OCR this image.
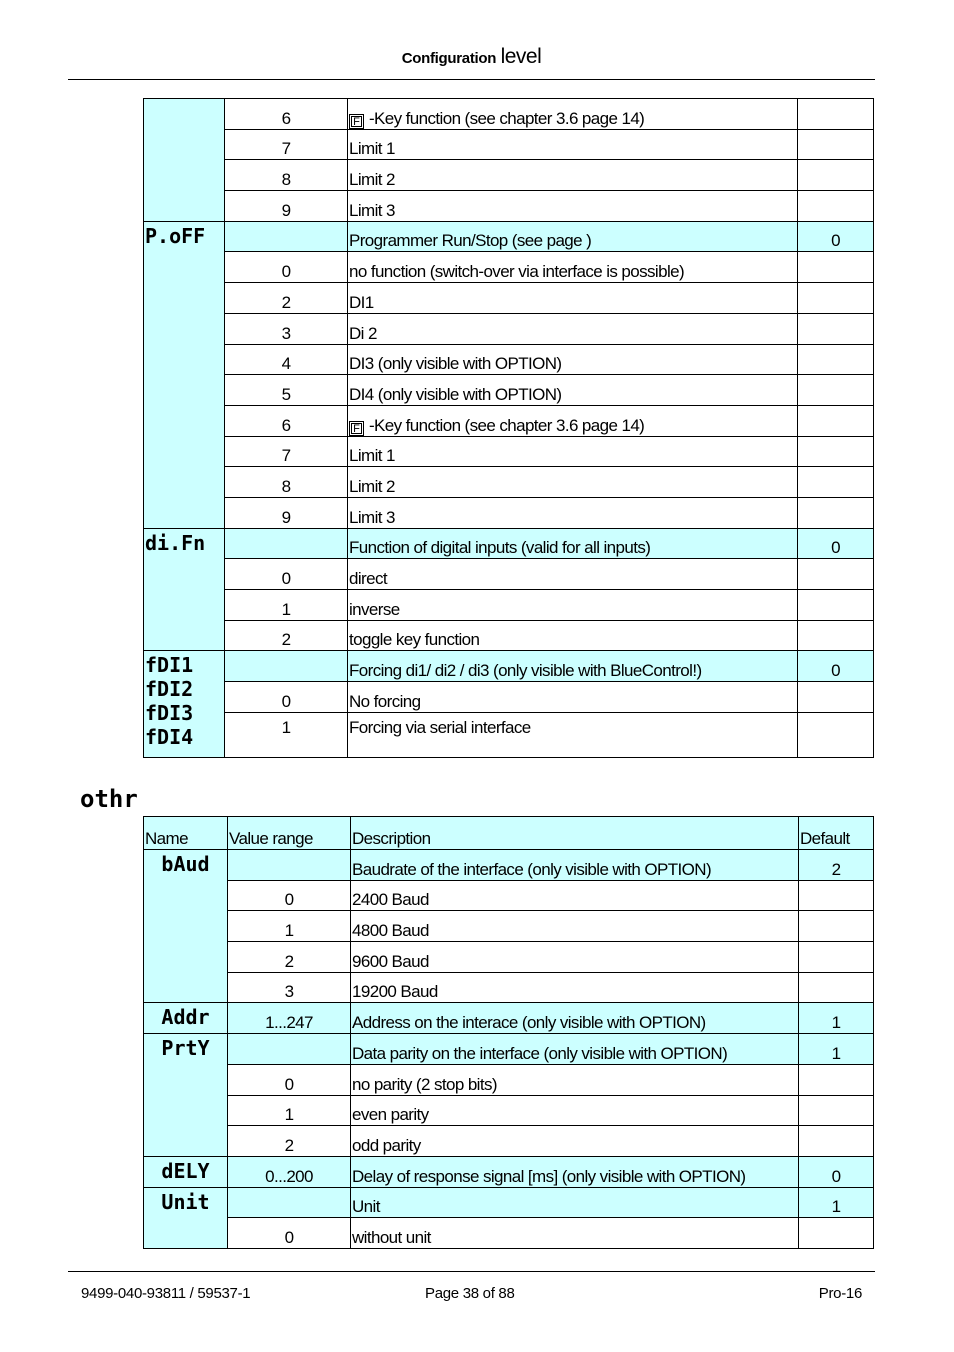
Configuration level
	6	F -Key function (see chapter 3.6 page 14)	
	7	Limit 1	
	8	Limit 2	
	9	Limit 3	

P.oFF		Programmer Run/Stop (see page )	0
	0	no function (switch-over via interface is possible)	
	2	DI1	
	3	Di 2	
	4	DI3 (only visible with OPTION)	
	5	DI4 (only visible with OPTION)	
	6	F -Key function (see chapter 3.6 page 14)	
	7	Limit 1	
	8	Limit 2	
	9	Limit 3	

di.Fn		Function of digital inputs (valid for all inputs)	0
	0	direct	
	1	inverse	
	2	toggle key function	

fDI1
fDI2
fDI3
fDI4		Forcing di1/ di2 / di3 (only visible with BlueControl!)	0
	0	No forcing	
	1	Forcing via serial interface	
othr
Name	Value range	Description	Default

bAud		Baudrate of the interface (only visible with OPTION)	2
	0	2400 Baud	
	1	4800 Baud	
	2	9600 Baud	
	3	19200 Baud	

Addr	1...247	Address on the interace (only visible with OPTION)	1

PrtY		Data parity on the interface (only visible with OPTION)	1
	0	no parity (2 stop bits)	
	1	even parity	
	2	odd parity	

dELY	0...200	Delay of response signal [ms] (only visible with OPTION)	0

Unit		Unit	1
	0	without unit	
9499-040-93811 / 59537-1	Page 38 of 88	Pro-16
